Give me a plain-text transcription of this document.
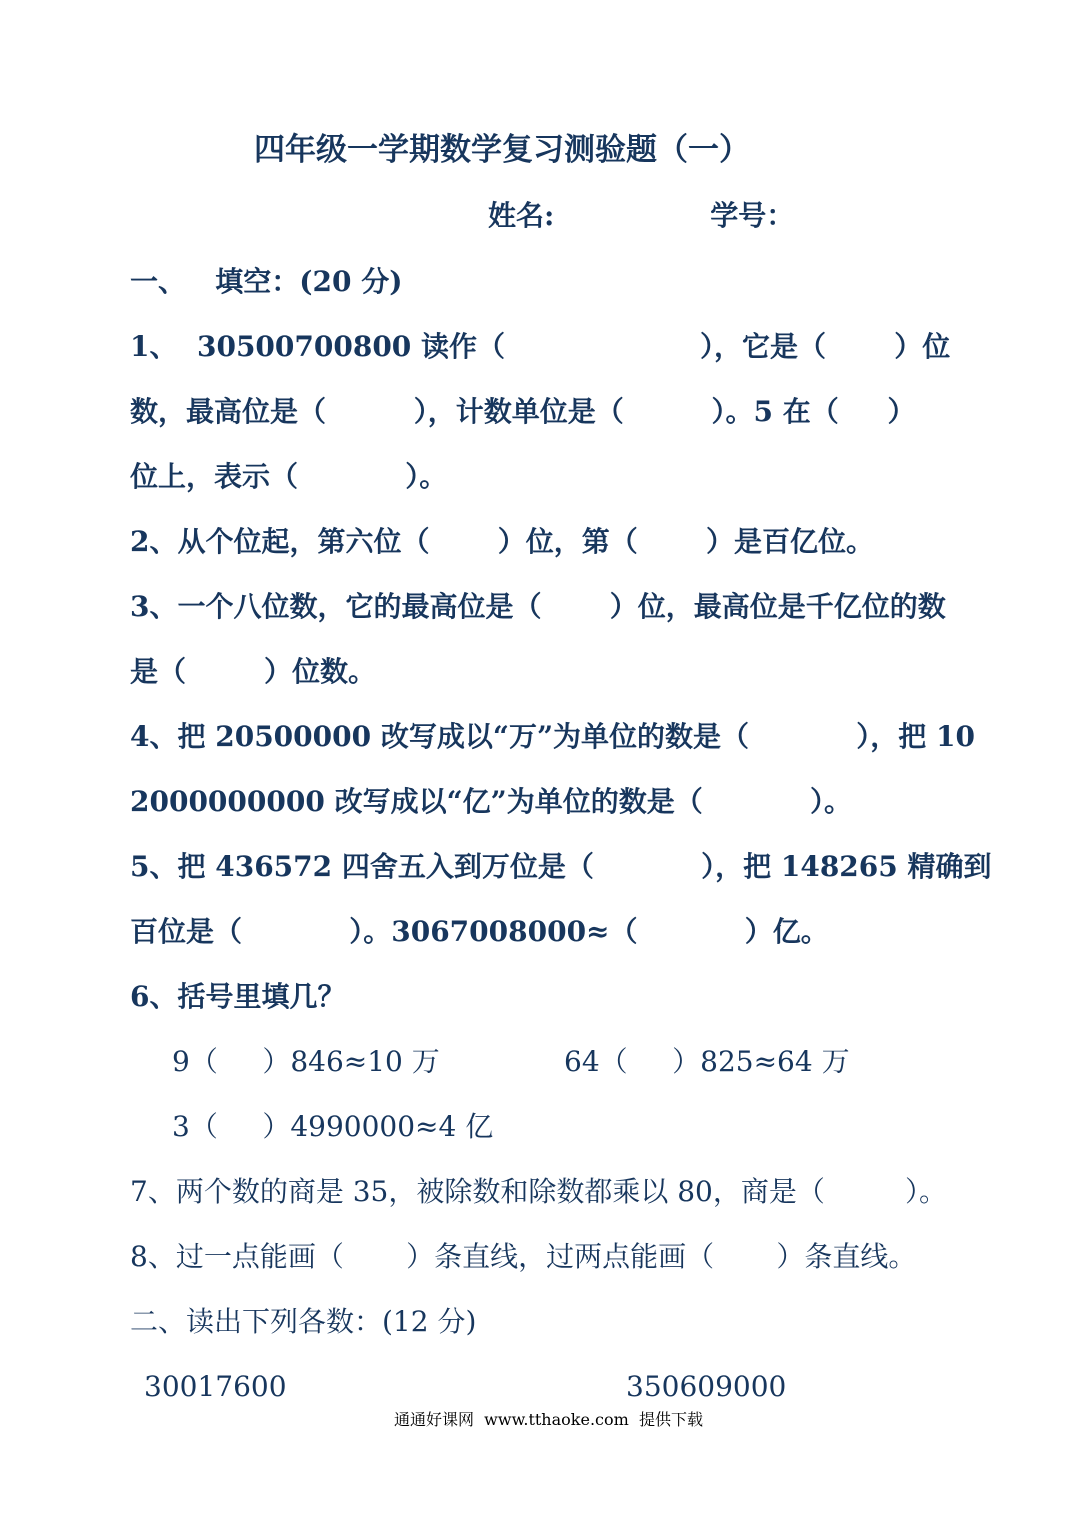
四年级一学期数学复习测验题（一）
姓名:                学号：
一、   填空：(20 分)
1、  30500700800 读作（                    ），它是（       ）位
数，最高位是（         ），计数单位是（         ）。5 在（     ）
位上，表示（           ）。
2、从个位起，第六位（       ）位，第（       ）是百亿位。
3、一个八位数，它的最高位是（       ）位，最高位是千亿位的数
是（        ）位数。
4、把 20500000 改写成以“万”为单位的数是（           ），把 10
2000000000 改写成以“亿”为单位的数是（           ）。
5、把 436572 四舍五入到万位是（           ），把 148265 精确到
百位是（           ）。3067008000≈（           ）亿。
6、括号里填几？
9（     ）846≈10 万	64（     ）825≈64 万
3（     ）4990000≈4 亿
7、两个数的商是 35，被除数和除数都乘以 80，商是（         ）。
8、过一点能画（       ）条直线，过两点能画（       ）条直线。
二、读出下列各数：(12 分)
30017600	350609000
通通好课网  www.tthaoke.com  提供下载
